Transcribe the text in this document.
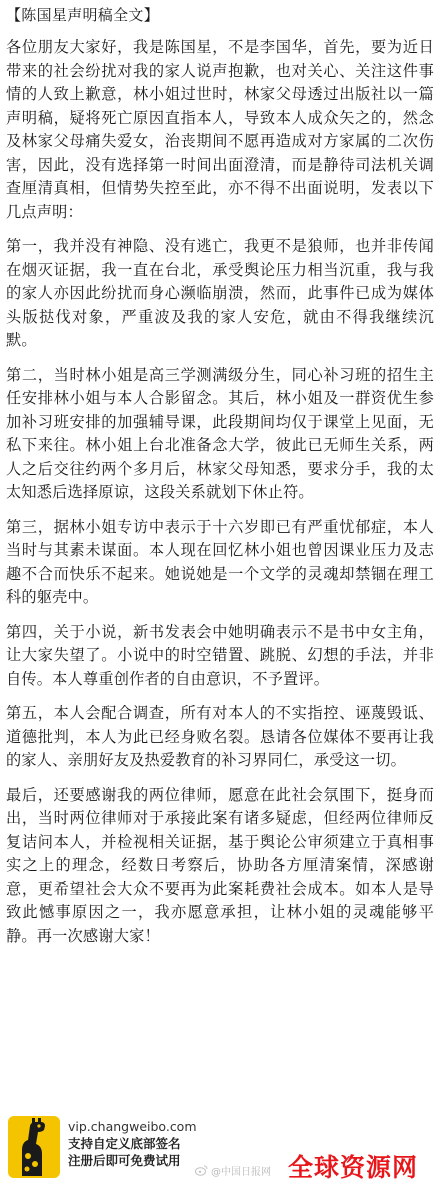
【陈国星声明稿全文】
各位朋友大家好，我是陈国星，不是李国华，首先，要为近日带来的社会纷扰对我的家人说声抱歉，也对关心、关注这件事情的人致上歉意，林小姐过世时，林家父母透过出版社以一篇声明稿，疑将死亡原因直指本人，导致本人成众矢之的，然念及林家父母痛失爱女，治丧期间不愿再造成对方家属的二次伤害，因此，没有选择第一时间出面澄清，而是静待司法机关调查厘清真相，但情势失控至此，亦不得不出面说明，发表以下几点声明：
第一，我并没有神隐、没有逃亡，我更不是狼师，也并非传闻在烟灭证据，我一直在台北，承受舆论压力相当沉重，我与我的家人亦因此纷扰而身心濒临崩溃，然而，此事件已成为媒体头版挞伐对象，严重波及我的家人安危，就由不得我继续沉默。
第二，当时林小姐是高三学测满级分生，同心补习班的招生主任安排林小姐与本人合影留念。其后，林小姐及一群资优生参加补习班安排的加强辅导课，此段期间均仅于课堂上见面，无私下来往。林小姐上台北准备念大学，彼此已无师生关系，两人之后交往约两个多月后，林家父母知悉，要求分手，我的太太知悉后选择原谅，这段关系就划下休止符。
第三，据林小姐专访中表示于十六岁即已有严重忧郁症，本人当时与其素未谋面。本人现在回忆林小姐也曾因课业压力及志趣不合而快乐不起来。她说她是一个文学的灵魂却禁锢在理工科的躯壳中。
第四，关于小说，新书发表会中她明确表示不是书中女主角，让大家失望了。小说中的时空错置、跳脱、幻想的手法，并非自传。本人尊重创作者的自由意识，不予置评。
第五，本人会配合调查，所有对本人的不实指控、诬蔑毁诋、道德批判，本人为此已经身败名裂。恳请各位媒体不要再让我的家人、亲朋好友及热爱教育的补习界同仁，承受这一切。
最后，还要感谢我的两位律师，愿意在此社会氛围下，挺身而出，当时两位律师对于承接此案有诸多疑虑，但经两位律师反复诘问本人，并检视相关证据，基于舆论公审须建立于真相事实之上的理念，经数日考察后，协助各方厘清案情，深感谢意，更希望社会大众不要再为此案耗费社会成本。如本人是导致此憾事原因之一，我亦愿意承担，让林小姐的灵魂能够平静。再一次感谢大家！
vip.changweibo.com
支持自定义底部签名
注册后即可免费试用
@中国日报网 全球资源网
